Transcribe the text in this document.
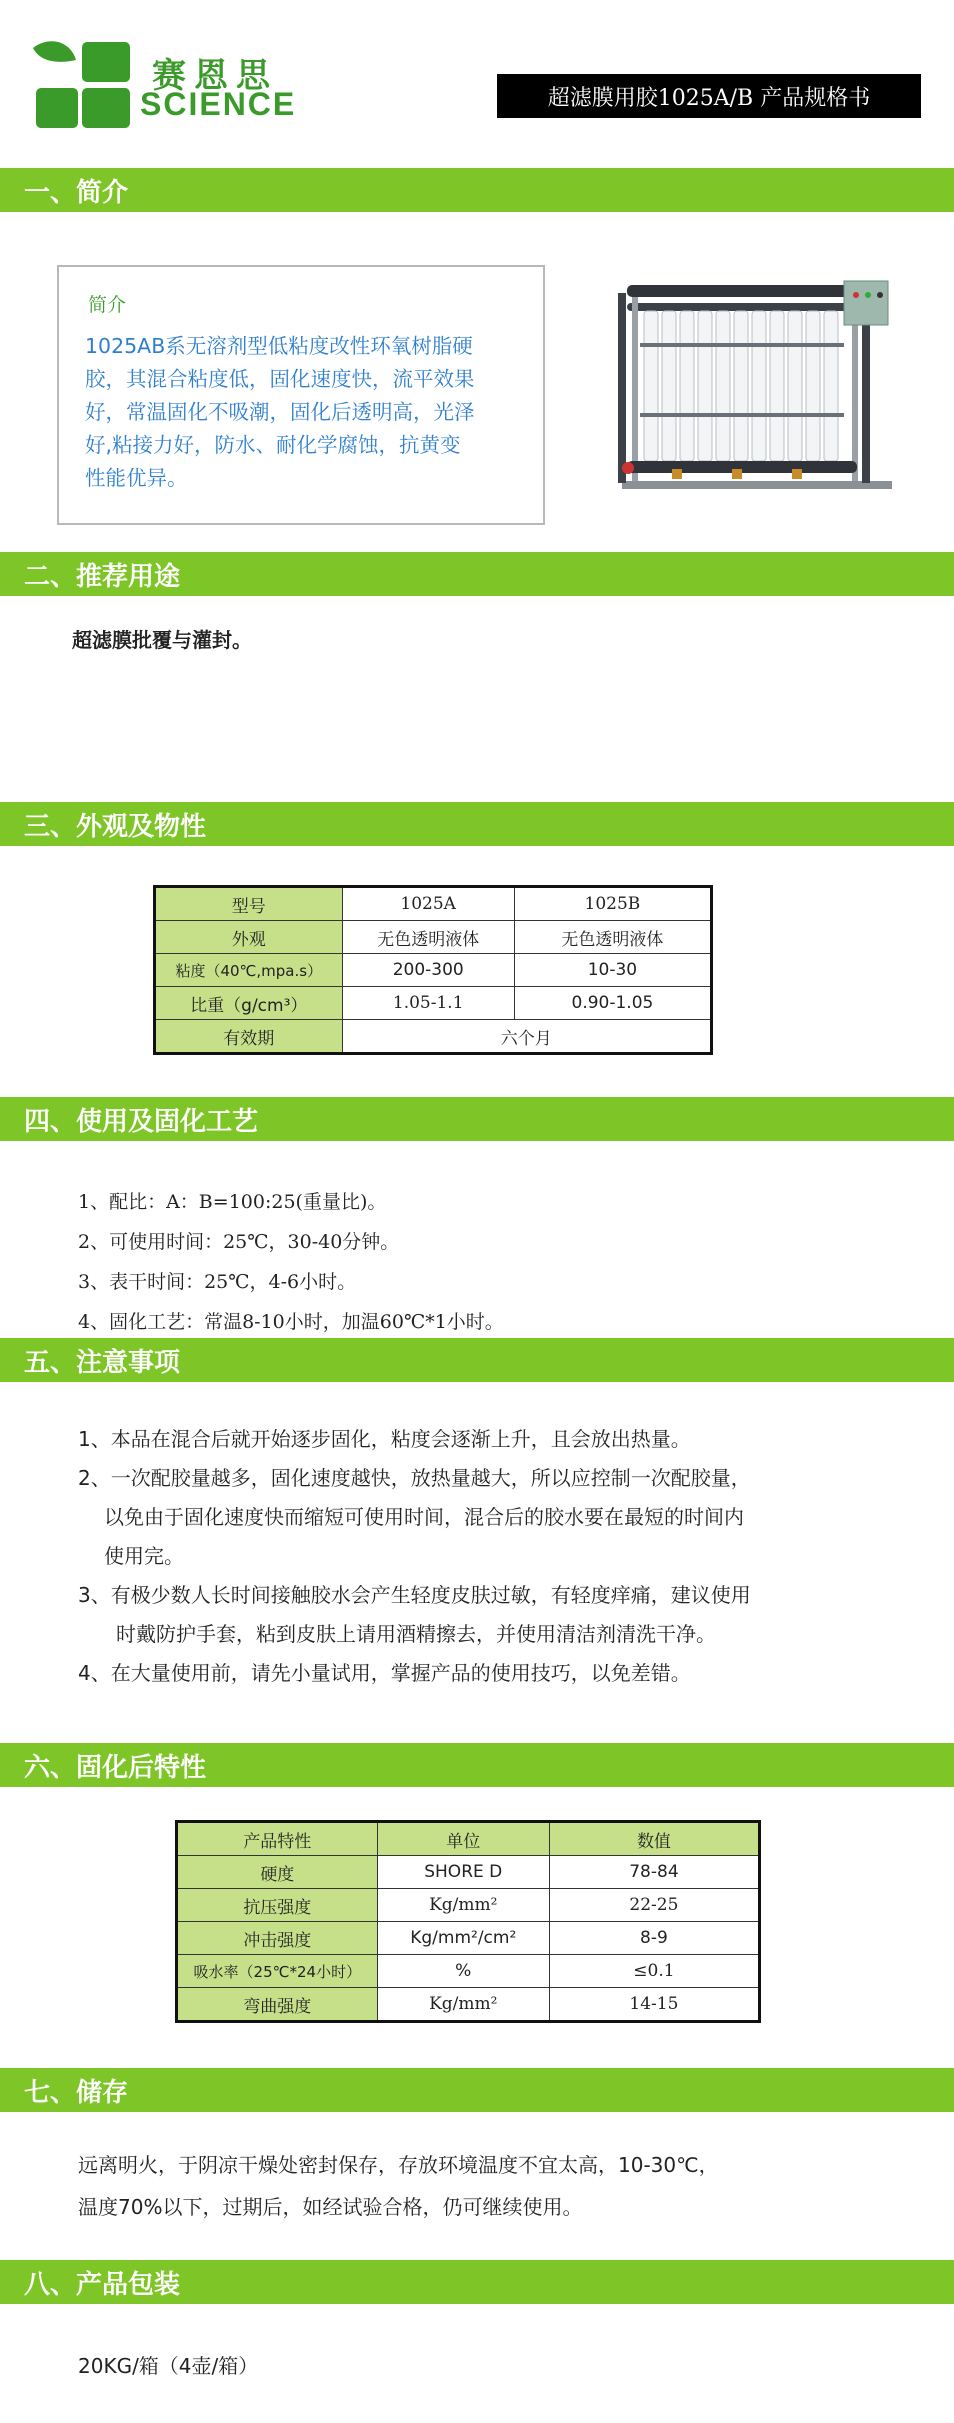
赛恩思
SCIENCE	超滤膜用胶1025A/B 产品规格书
一、简介
简介
1025AB系无溶剂型低粘度改性环氧树脂硬
胶，其混合粘度低，固化速度快，流平效果
好，常温固化不吸潮，固化后透明高，光泽
好,粘接力好，防水、耐化学腐蚀，抗黄变
性能优异。
二、推荐用途
超滤膜批覆与灌封。
三、外观及物性
型号	1025A	1025B
外观	无色透明液体	无色透明液体
粘度（40℃,mpa.s）	200-300	10-30
比重（g/cm³）	1.05-1.1	0.90-1.05
有效期	六个月	
四、使用及固化工艺
1、配比：A：B=100:25(重量比)。
2、可使用时间：25℃，30-40分钟。
3、表干时间：25℃，4-6小时。
4、固化工艺：常温8-10小时，加温60℃*1小时。
五、注意事项
1、本品在混合后就开始逐步固化，粘度会逐渐上升，且会放出热量。
2、一次配胶量越多，固化速度越快，放热量越大，所以应控制一次配胶量，
以免由于固化速度快而缩短可使用时间，混合后的胶水要在最短的时间内
使用完。
3、有极少数人长时间接触胶水会产生轻度皮肤过敏，有轻度痒痛，建议使用
时戴防护手套，粘到皮肤上请用酒精擦去，并使用清洁剂清洗干净。
4、在大量使用前，请先小量试用，掌握产品的使用技巧，以免差错。
六、固化后特性
产品特性	单位	数值
硬度	SHORE D	78-84
抗压强度	Kg/mm²	22-25
冲击强度	Kg/mm²/cm²	8-9
吸水率（25℃*24小时）	%	≤0.1
弯曲强度	Kg/mm²	14-15
七、储存
远离明火，于阴凉干燥处密封保存，存放环境温度不宜太高，10-30℃，
温度70%以下，过期后，如经试验合格，仍可继续使用。
八、产品包装
20KG/箱（4壶/箱）
